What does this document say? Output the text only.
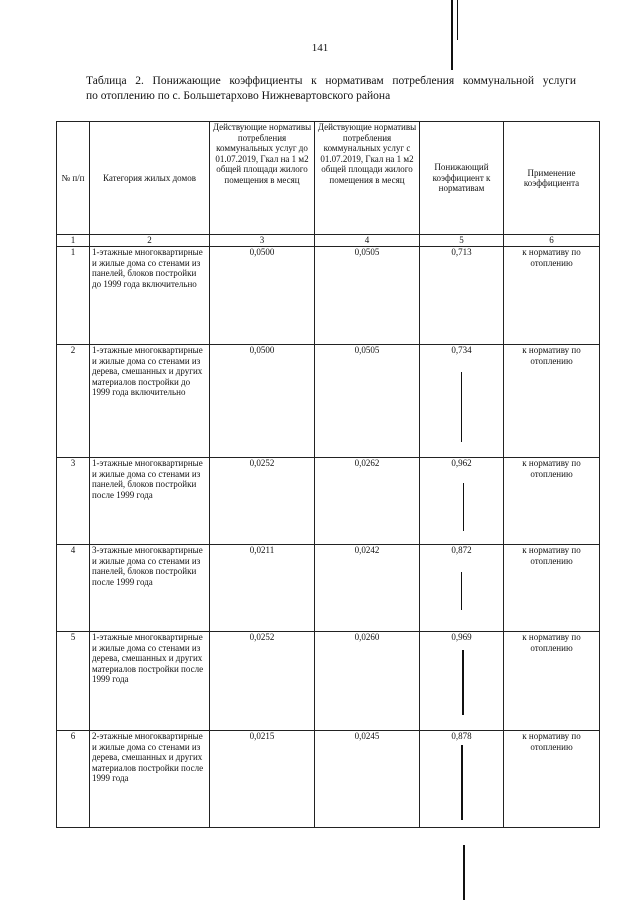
141
Таблица 2. Понижающие коэффициенты к нормативам потребления коммунальной услуги
по отоплению по с. Большетархово Нижневартовского района
№ п/п	Категория жилых домов	Действующие нормативы потребления коммунальных услуг до 01.07.2019, Гкал на 1 м2 общей площади жилого помещения в месяц	Действующие нормативы потребления коммунальных услуг с 01.07.2019, Гкал на 1 м2 общей площади жилого помещения в месяц	Понижающий коэффициент к нормативам	Применение коэффициента
1	2	3	4	5	6
1	1-этажные многоквартирные и жилые дома со стенами из панелей, блоков постройки до 1999 года включительно	0,0500	0,0505	0,713	к нормативу по отоплению
2	1-этажные многоквартирные и жилые дома со стенами из дерева, смешанных и других материалов постройки до 1999 года включительно	0,0500	0,0505	0,734	к нормативу по отоплению
3	1-этажные многоквартирные и жилые дома со стенами из панелей, блоков постройки после 1999 года	0,0252	0,0262	0,962	к нормативу по отоплению
4	3-этажные многоквартирные и жилые дома со стенами из панелей, блоков постройки после 1999 года	0,0211	0,0242	0,872	к нормативу по отоплению
5	1-этажные многоквартирные и жилые дома со стенами из дерева, смешанных и других материалов постройки после 1999 года	0,0252	0,0260	0,969	к нормативу по отоплению
6	2-этажные многоквартирные и жилые дома со стенами из дерева, смешанных и других материалов постройки после 1999 года	0,0215	0,0245	0,878	к нормативу по отоплению
